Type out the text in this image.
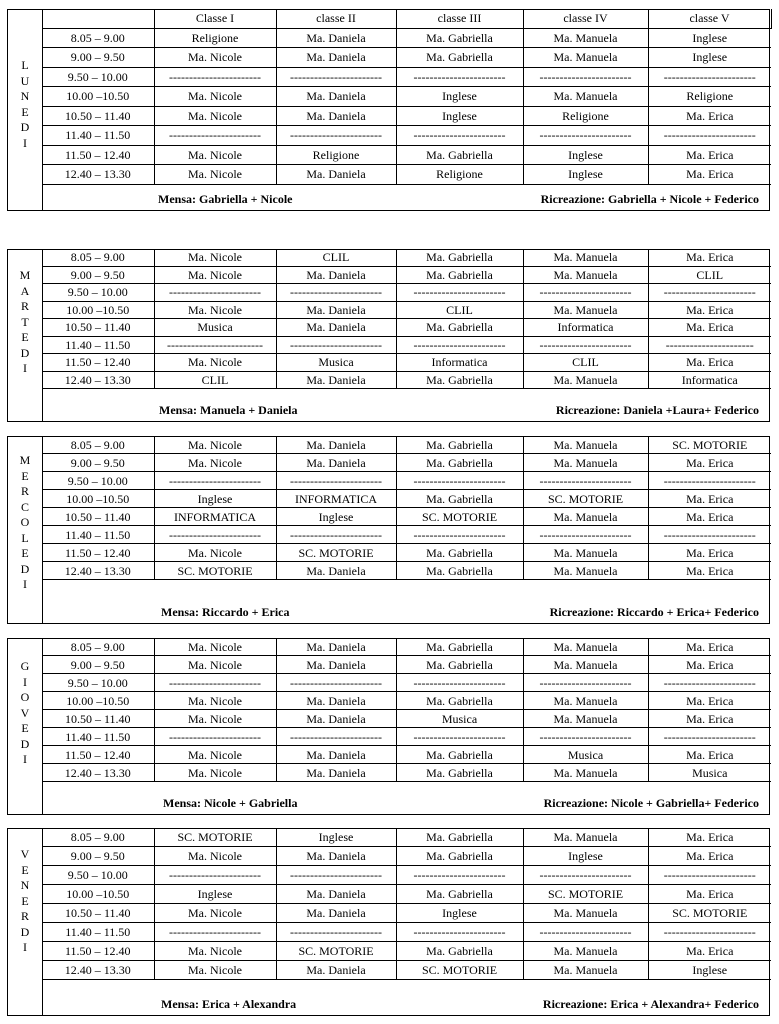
L
U
N
E
D
I
	Classe I	classe II	classe III	classe IV	classe V
8.05 – 9.00	Religione	Ma. Daniela	Ma. Gabriella	Ma. Manuela	Inglese
9.00 – 9.50	Ma. Nicole	Ma. Daniela	Ma. Gabriella	Ma. Manuela	Inglese
9.50 – 10.00	-----------------------	-----------------------	-----------------------	-----------------------	-----------------------
10.00 –10.50	Ma. Nicole	Ma. Daniela	Inglese	Ma. Manuela	Religione
10.50 – 11.40	Ma. Nicole	Ma. Daniela	Inglese	Religione	Ma. Erica
11.40 – 11.50	-----------------------	-----------------------	-----------------------	-----------------------	-----------------------
11.50 – 12.40	Ma. Nicole	Religione	Ma. Gabriella	Inglese	Ma. Erica
12.40 – 13.30	Ma. Nicole	Ma. Daniela	Religione	Inglese	Ma. Erica
Mensa: Gabriella + Nicole	Ricreazione: Gabriella + Nicole + Federico
M
A
R
T
E
D
I
8.05 – 9.00	Ma. Nicole	CLIL	Ma. Gabriella	Ma. Manuela	Ma. Erica
9.00 – 9.50	Ma. Nicole	Ma. Daniela	Ma. Gabriella	Ma. Manuela	CLIL
9.50 – 10.00	-----------------------	-----------------------	-----------------------	-----------------------	-----------------------
10.00 –10.50	Ma. Nicole	Ma. Daniela	CLIL	Ma. Manuela	Ma. Erica
10.50 – 11.40	Musica	Ma. Daniela	Ma. Gabriella	Informatica	Ma. Erica
11.40 – 11.50	------------------------	-----------------------	-----------------------	-----------------------	----------------------
11.50 – 12.40	Ma. Nicole	Musica	Informatica	CLIL	Ma. Erica
12.40 – 13.30	CLIL	Ma. Daniela	Ma. Gabriella	Ma. Manuela	Informatica
Mensa: Manuela + Daniela	Ricreazione: Daniela +Laura+ Federico
M
E
R
C
O
L
E
D
I
8.05 – 9.00	Ma. Nicole	Ma. Daniela	Ma. Gabriella	Ma. Manuela	SC. MOTORIE
9.00 – 9.50	Ma. Nicole	Ma. Daniela	Ma. Gabriella	Ma. Manuela	Ma. Erica
9.50 – 10.00	-----------------------	-----------------------	-----------------------	-----------------------	-----------------------
10.00 –10.50	Inglese	INFORMATICA	Ma. Gabriella	SC. MOTORIE	Ma. Erica
10.50 – 11.40	INFORMATICA	Inglese	SC. MOTORIE	Ma. Manuela	Ma. Erica
11.40 – 11.50	-----------------------	-----------------------	-----------------------	-----------------------	-----------------------
11.50 – 12.40	Ma. Nicole	SC. MOTORIE	Ma. Gabriella	Ma. Manuela	Ma. Erica
12.40 – 13.30	SC. MOTORIE	Ma. Daniela	Ma. Gabriella	Ma. Manuela	Ma. Erica
Mensa: Riccardo + Erica	Ricreazione: Riccardo + Erica+ Federico
G
I
O
V
E
D
I
8.05 – 9.00	Ma. Nicole	Ma. Daniela	Ma. Gabriella	Ma. Manuela	Ma. Erica
9.00 – 9.50	Ma. Nicole	Ma. Daniela	Ma. Gabriella	Ma. Manuela	Ma. Erica
9.50 – 10.00	-----------------------	-----------------------	-----------------------	-----------------------	-----------------------
10.00 –10.50	Ma. Nicole	Ma. Daniela	Ma. Gabriella	Ma. Manuela	Ma. Erica
10.50 – 11.40	Ma. Nicole	Ma. Daniela	Musica	Ma. Manuela	Ma. Erica
11.40 – 11.50	-----------------------	-----------------------	-----------------------	-----------------------	-----------------------
11.50 – 12.40	Ma. Nicole	Ma. Daniela	Ma. Gabriella	Musica	Ma. Erica
12.40 – 13.30	Ma. Nicole	Ma. Daniela	Ma. Gabriella	Ma. Manuela	Musica
Mensa: Nicole + Gabriella	Ricreazione: Nicole + Gabriella+ Federico
V
E
N
E
R
D
I
8.05 – 9.00	SC. MOTORIE	Inglese	Ma. Gabriella	Ma. Manuela	Ma. Erica
9.00 – 9.50	Ma. Nicole	Ma. Daniela	Ma. Gabriella	Inglese	Ma. Erica
9.50 – 10.00	-----------------------	-----------------------	-----------------------	-----------------------	-----------------------
10.00 –10.50	Inglese	Ma. Daniela	Ma. Gabriella	SC. MOTORIE	Ma. Erica
10.50 – 11.40	Ma. Nicole	Ma. Daniela	Inglese	Ma. Manuela	SC. MOTORIE
11.40 – 11.50	-----------------------	-----------------------	-----------------------	-----------------------	-----------------------
11.50 – 12.40	Ma. Nicole	SC. MOTORIE	Ma. Gabriella	Ma. Manuela	Ma. Erica
12.40 – 13.30	Ma. Nicole	Ma. Daniela	SC. MOTORIE	Ma. Manuela	Inglese
Mensa: Erica + Alexandra	Ricreazione: Erica + Alexandra+ Federico
